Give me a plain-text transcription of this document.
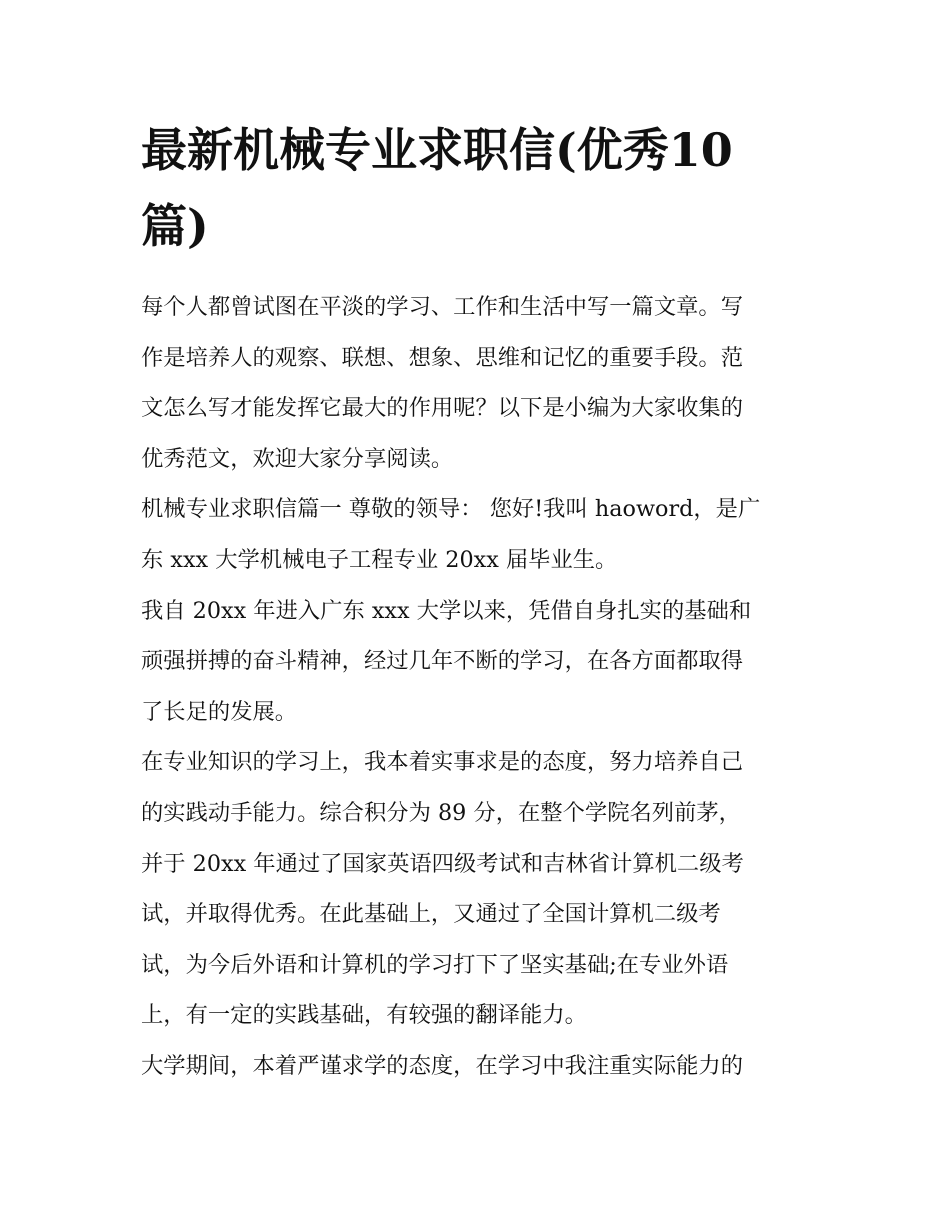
最新机械专业求职信(优秀10
篇)
每个人都曾试图在平淡的学习、工作和生活中写一篇文章。写
作是培养人的观察、联想、想象、思维和记忆的重要手段。范
文怎么写才能发挥它最大的作用呢？以下是小编为大家收集的
优秀范文，欢迎大家分享阅读。
机械专业求职信篇一 尊敬的领导： 您好!我叫 haoword，是广
东 xxx 大学机械电子工程专业 20xx 届毕业生。
我自 20xx 年进入广东 xxx 大学以来，凭借自身扎实的基础和
顽强拼搏的奋斗精神，经过几年不断的学习，在各方面都取得
了长足的发展。
在专业知识的学习上，我本着实事求是的态度，努力培养自己
的实践动手能力。综合积分为 89 分，在整个学院名列前茅，
并于 20xx 年通过了国家英语四级考试和吉林省计算机二级考
试，并取得优秀。在此基础上，又通过了全国计算机二级考
试，为今后外语和计算机的学习打下了坚实基础;在专业外语
上，有一定的实践基础，有较强的翻译能力。
大学期间，本着严谨求学的态度，在学习中我注重实际能力的
